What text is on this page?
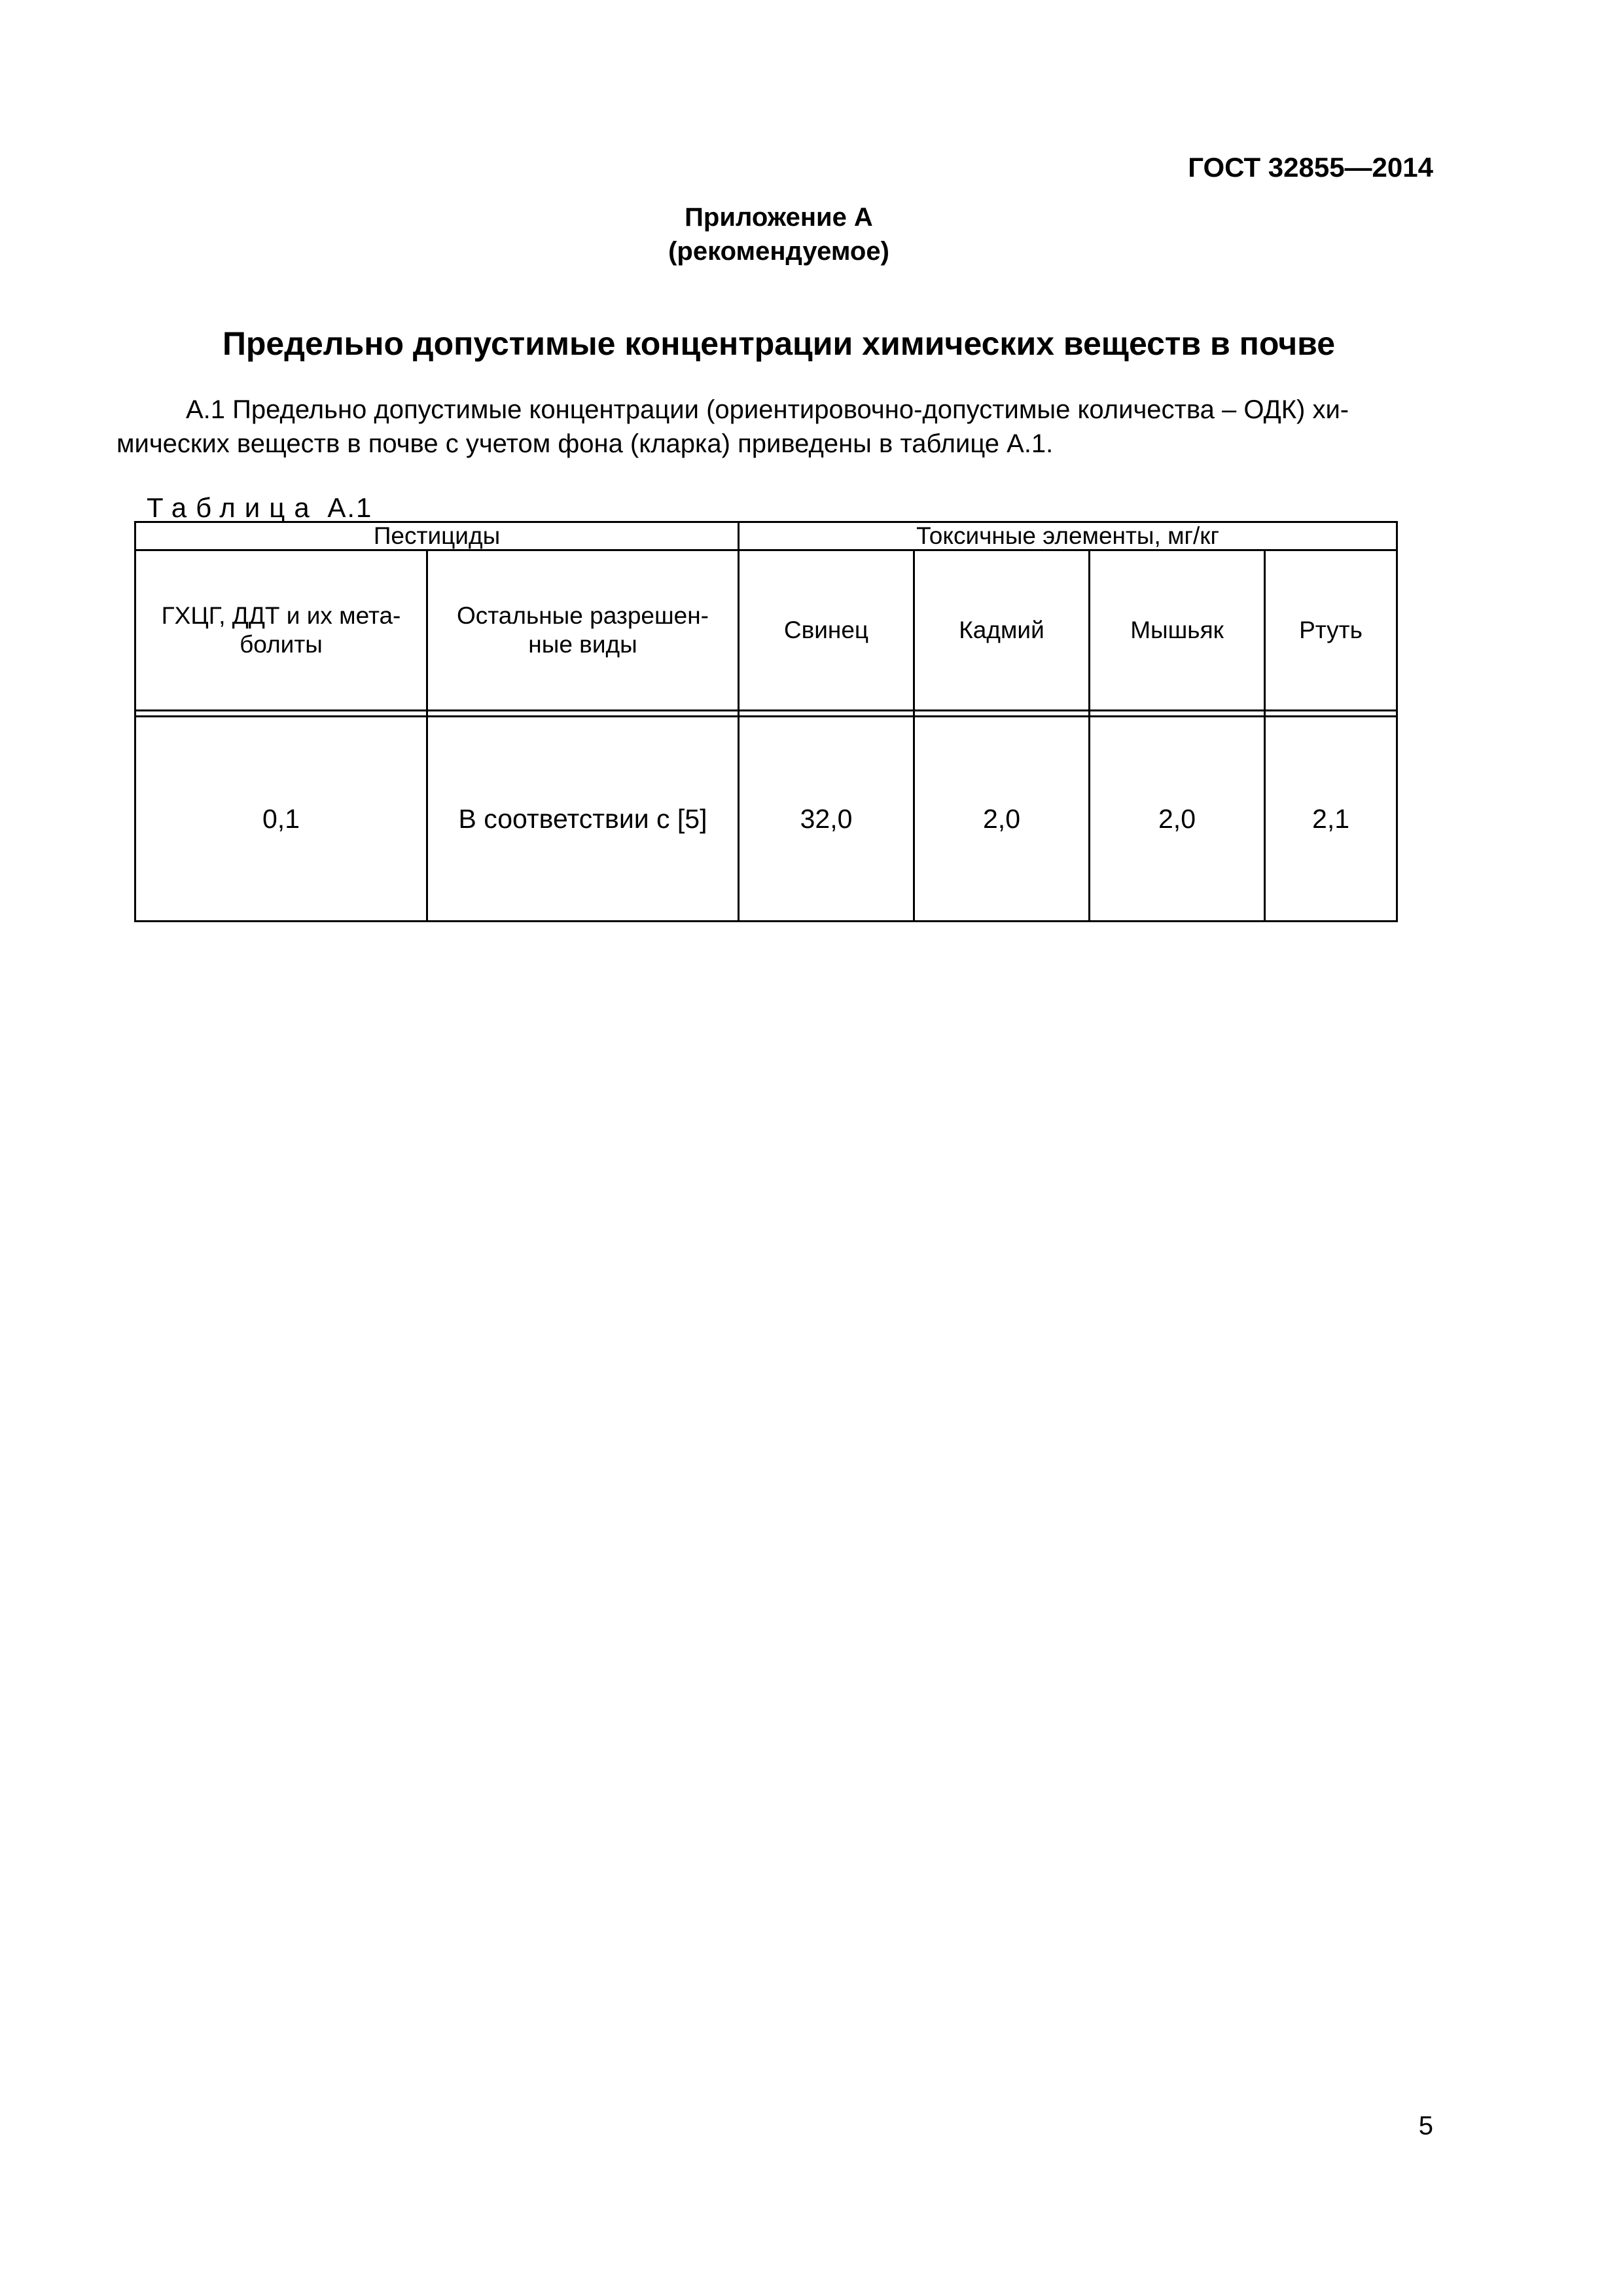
ГОСТ 32855—2014
Приложение А
(рекомендуемое)
Предельно допустимые концентрации химических веществ в почве
А.1 Предельно допустимые концентрации (ориентировочно-допустимые количества – ОДК) хи-
мических веществ в почве с учетом фона (кларка) приведены в таблице А.1.
Таблица А.1
Пестициды		Токсичные элементы, мг/кг			
ГХЦГ, ДДТ и их мета-болиты	Остальные разрешен-ные виды	Свинец	Кадмий	Мышьяк	Ртуть

0,1	В соответствии с [5]	32,0	2,0	2,0	2,1
5
